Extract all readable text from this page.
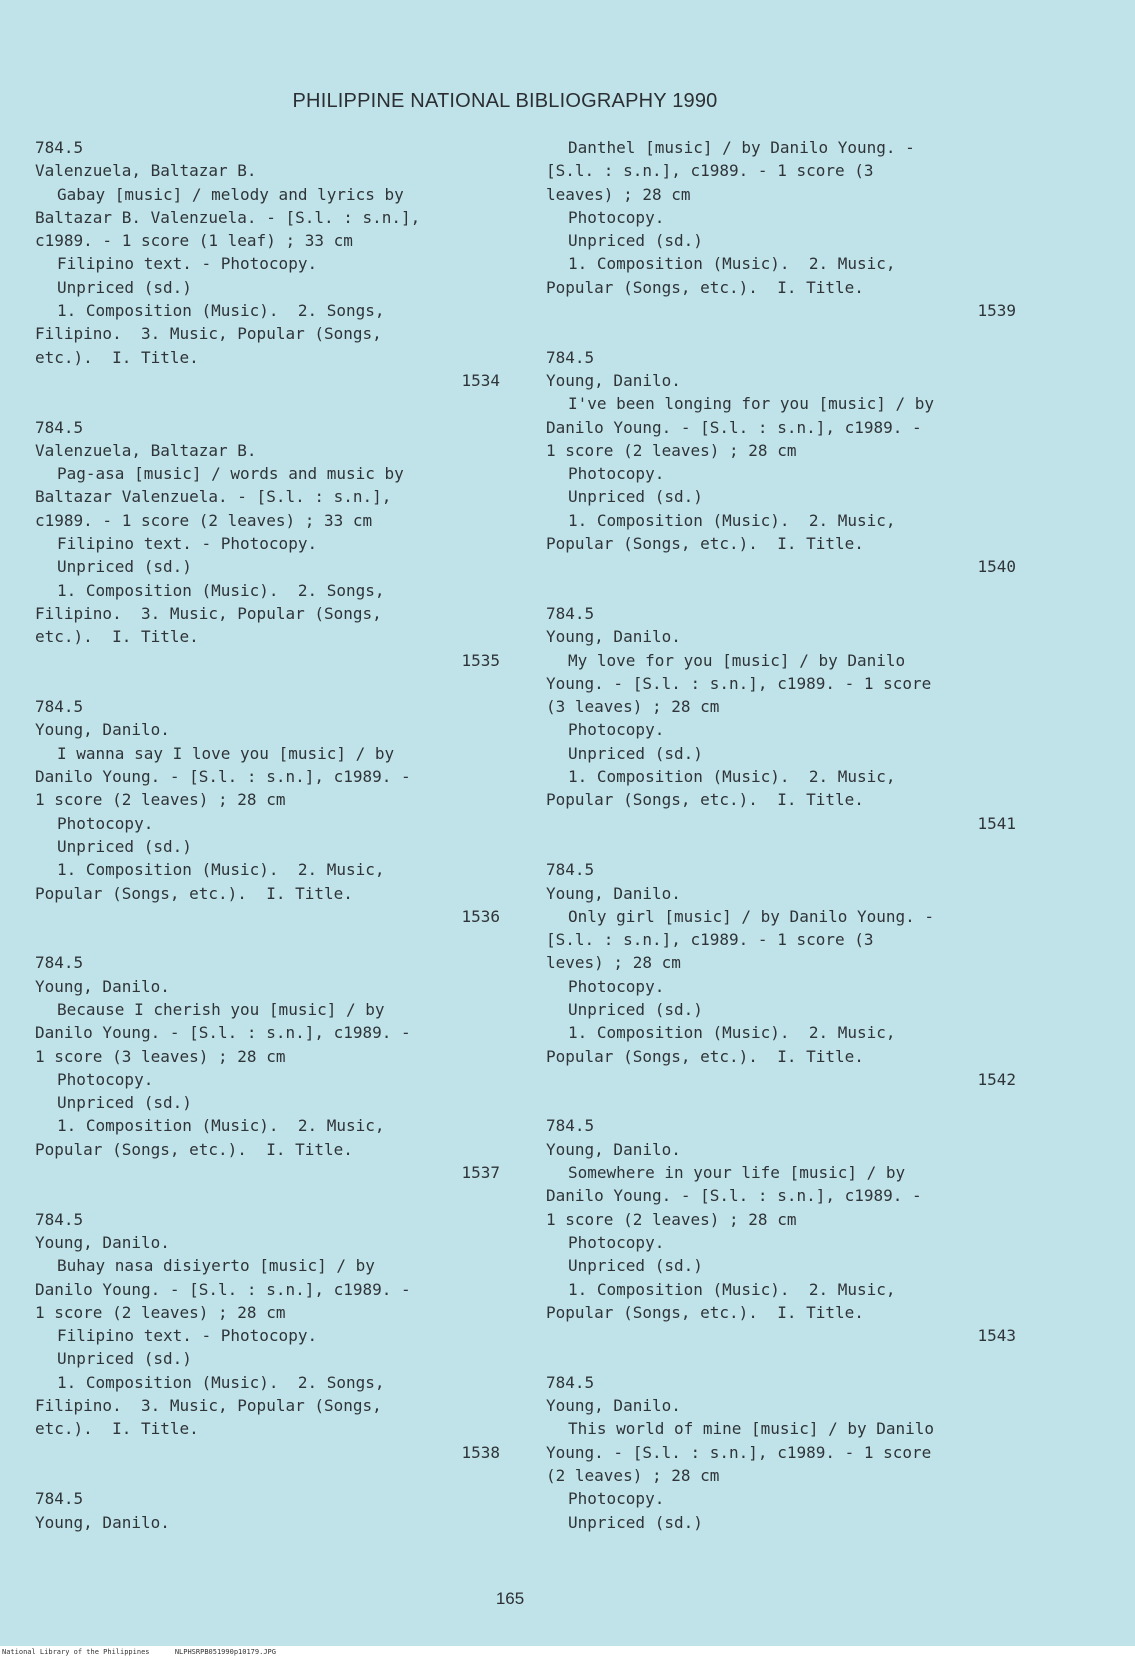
PHILIPPINE NATIONAL BIBLIOGRAPHY 1990
784.5
Valenzuela, Baltazar B.
Gabay [music] / melody and lyrics by
Baltazar B. Valenzuela. - [S.l. : s.n.],
c1989. - 1 score (1 leaf) ; 33 cm
Filipino text. - Photocopy.
Unpriced (sd.)
1. Composition (Music).  2. Songs,
Filipino.  3. Music, Popular (Songs,
etc.).  I. Title.
1534
784.5
Valenzuela, Baltazar B.
Pag-asa [music] / words and music by
Baltazar Valenzuela. - [S.l. : s.n.],
c1989. - 1 score (2 leaves) ; 33 cm
Filipino text. - Photocopy.
Unpriced (sd.)
1. Composition (Music).  2. Songs,
Filipino.  3. Music, Popular (Songs,
etc.).  I. Title.
1535
784.5
Young, Danilo.
I wanna say I love you [music] / by
Danilo Young. - [S.l. : s.n.], c1989. -
1 score (2 leaves) ; 28 cm
Photocopy.
Unpriced (sd.)
1. Composition (Music).  2. Music,
Popular (Songs, etc.).  I. Title.
1536
784.5
Young, Danilo.
Because I cherish you [music] / by
Danilo Young. - [S.l. : s.n.], c1989. -
1 score (3 leaves) ; 28 cm
Photocopy.
Unpriced (sd.)
1. Composition (Music).  2. Music,
Popular (Songs, etc.).  I. Title.
1537
784.5
Young, Danilo.
Buhay nasa disiyerto [music] / by
Danilo Young. - [S.l. : s.n.], c1989. -
1 score (2 leaves) ; 28 cm
Filipino text. - Photocopy.
Unpriced (sd.)
1. Composition (Music).  2. Songs,
Filipino.  3. Music, Popular (Songs,
etc.).  I. Title.
1538
784.5
Young, Danilo.
Danthel [music] / by Danilo Young. -
[S.l. : s.n.], c1989. - 1 score (3
leaves) ; 28 cm
Photocopy.
Unpriced (sd.)
1. Composition (Music).  2. Music,
Popular (Songs, etc.).  I. Title.
1539
784.5
Young, Danilo.
I've been longing for you [music] / by
Danilo Young. - [S.l. : s.n.], c1989. -
1 score (2 leaves) ; 28 cm
Photocopy.
Unpriced (sd.)
1. Composition (Music).  2. Music,
Popular (Songs, etc.).  I. Title.
1540
784.5
Young, Danilo.
My love for you [music] / by Danilo
Young. - [S.l. : s.n.], c1989. - 1 score
(3 leaves) ; 28 cm
Photocopy.
Unpriced (sd.)
1. Composition (Music).  2. Music,
Popular (Songs, etc.).  I. Title.
1541
784.5
Young, Danilo.
Only girl [music] / by Danilo Young. -
[S.l. : s.n.], c1989. - 1 score (3
leves) ; 28 cm
Photocopy.
Unpriced (sd.)
1. Composition (Music).  2. Music,
Popular (Songs, etc.).  I. Title.
1542
784.5
Young, Danilo.
Somewhere in your life [music] / by
Danilo Young. - [S.l. : s.n.], c1989. -
1 score (2 leaves) ; 28 cm
Photocopy.
Unpriced (sd.)
1. Composition (Music).  2. Music,
Popular (Songs, etc.).  I. Title.
1543
784.5
Young, Danilo.
This world of mine [music] / by Danilo
Young. - [S.l. : s.n.], c1989. - 1 score
(2 leaves) ; 28 cm
Photocopy.
Unpriced (sd.)
165
National Library of the Philippines	NLPHSRPB051990p10179.JPG
